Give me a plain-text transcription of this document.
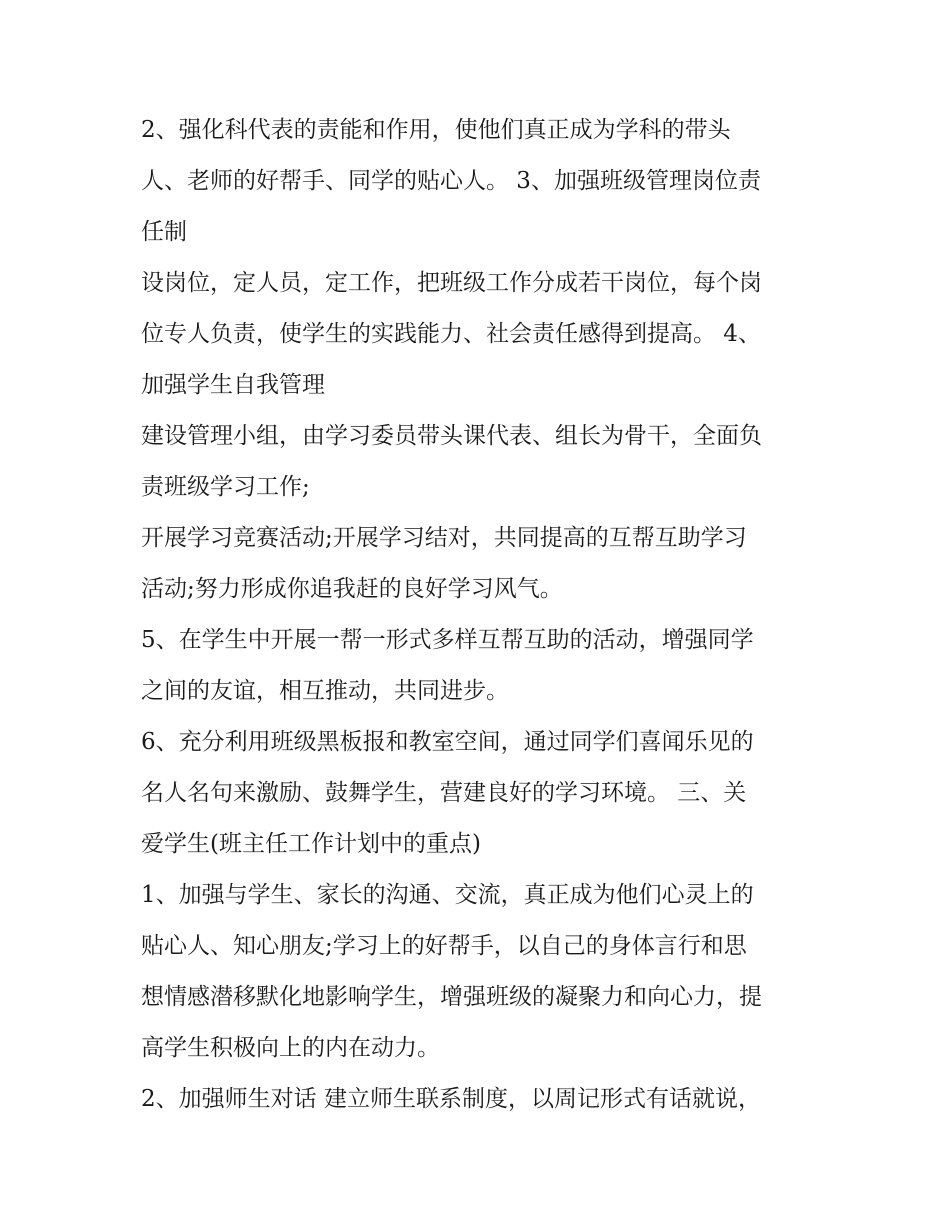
2、强化科代表的责能和作用，使他们真正成为学科的带头
人、老师的好帮手、同学的贴心人。 3、加强班级管理岗位责
任制
设岗位，定人员，定工作，把班级工作分成若干岗位，每个岗
位专人负责，使学生的实践能力、社会责任感得到提高。 4、
加强学生自我管理
建设管理小组，由学习委员带头课代表、组长为骨干，全面负
责班级学习工作;
开展学习竞赛活动;开展学习结对，共同提高的互帮互助学习
活动;努力形成你追我赶的良好学习风气。
5、在学生中开展一帮一形式多样互帮互助的活动，增强同学
之间的友谊，相互推动，共同进步。
6、充分利用班级黑板报和教室空间，通过同学们喜闻乐见的
名人名句来激励、鼓舞学生，营建良好的学习环境。 三、关
爱学生(班主任工作计划中的重点)
1、加强与学生、家长的沟通、交流，真正成为他们心灵上的
贴心人、知心朋友;学习上的好帮手，以自己的身体言行和思
想情感潜移默化地影响学生，增强班级的凝聚力和向心力，提
高学生积极向上的内在动力。
2、加强师生对话 建立师生联系制度，以周记形式有话就说，
